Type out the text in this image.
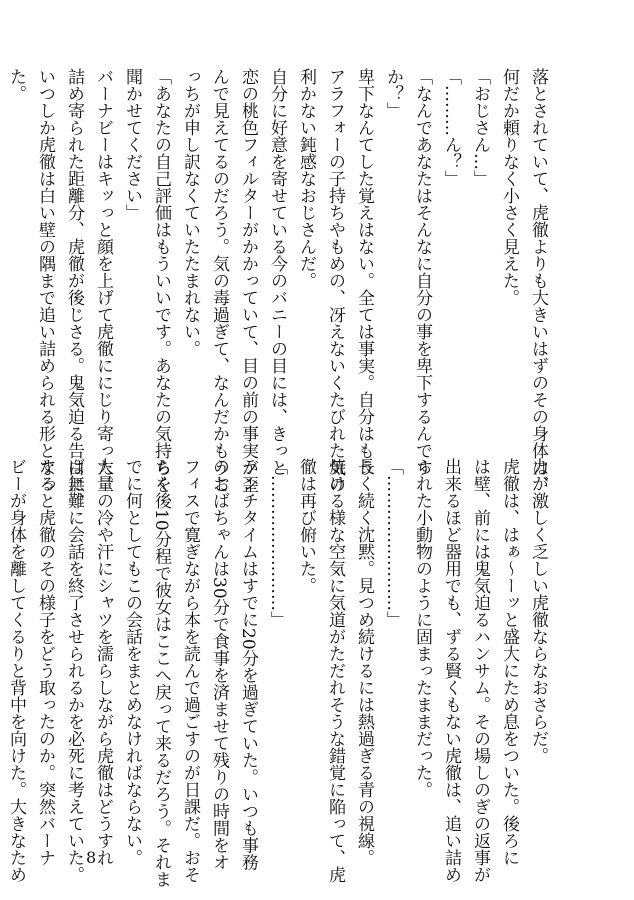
落とされていて、虎徹よりも大きいはずのその身体は、
何だか頼りなく小さく見えた。
「おじさん…」
「………ん？」
「なんであなたはそんなに自分の事を卑下するんです
か？」
卑下なんてした覚えはない。全ては事実。自分はもう
アラフォーの子持ちやもめの、冴えないくたびれた気の
利かない鈍感なおじさんだ。
自分に好意を寄せている今のバニーの目には、きっと
恋の桃色フィルターがかかっていて、目の前の事実が歪
んで見えてるのだろう。気の毒過ぎて、なんだかもうこ
っちが申し訳なくていたたまれない。
「あなたの自己評価はもういいです。あなたの気持ちを
聞かせてください」
バーナビーはキッっと顔を上げて虎徹ににじり寄った。
詰め寄られた距離分、虎徹が後じさる。鬼気迫る告白に、
いつしか虎徹は白い壁の隅まで追い詰められる形となっ
た。
力が激しく乏しい虎徹ならなおさらだ。
虎徹は、はぁ～ーッと盛大にため息をついた。後ろに
は壁、前には鬼気迫るハンサム。その場しのぎの返事が
出来るほど器用でも、ずる賢くもない虎徹は、追い詰め
られた小動物のように固まったままだった。
「……………………」
長く続く沈黙。見つめ続けるには熱過ぎる青の視線。
焼ける様な空気に気道がただれそうな錯覚に陥って、虎
徹は再び俯いた。
「……………………」
ランチタイムはすでに20分を過ぎていた。いつも事務
のおばちゃんは30分で食事を済ませて残りの時間をオ
フィスで寛ぎながら本を読んで過ごすのが日課だ。おそ
らく後10分程で彼女はここへ戻って来るだろう。それま
でに何としてもこの会話をまとめなければならない。
大量の冷や汗にシャツを濡らしながら虎徹はどうすれ
ば無難に会話を終了させられるかを必死に考えていた。
すると虎徹のその様子をどう取ったのか。突然バーナ
ビーが身体を離してくるりと背中を向けた。大きなため	8
